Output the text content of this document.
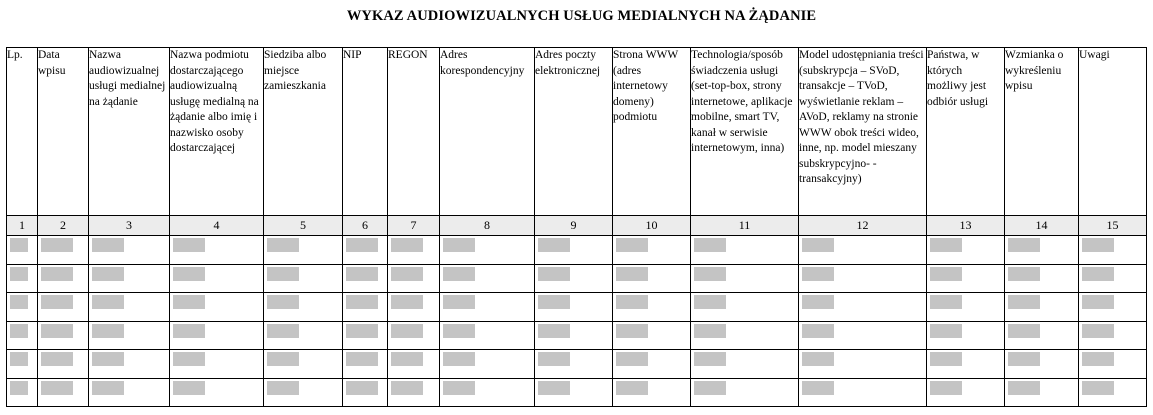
WYKAZ AUDIOWIZUALNYCH USŁUG MEDIALNYCH NA ŻĄDANIE
Lp.	Data wpisu	Nazwa audiowizualnej usługi medialnej na żądanie	Nazwa podmiotu dostarczającego audiowizualną usługę medialną na żądanie albo imię i nazwisko osoby dostarczającej	Siedziba albo miejsce zamieszkania	NIP	REGON	Adres korespondencyjny	Adres poczty elektronicznej	Strona WWW (adres internetowy domeny) podmiotu	Technologia/sposób świadczenia usługi (set-top-box, strony internetowe, aplikacje mobilne, smart TV, kanał w serwisie internetowym, inna)	Model udostępniania treści (subskrypcja – SVoD, transakcje – TVoD, wyświetlanie reklam – AVoD, reklamy na stronie WWW obok treści wideo, inne, np. model mieszany subskrypcyjno- -transakcyjny)	Państwa, w których możliwy jest odbiór usługi	Wzmianka o wykreśleniu wpisu	Uwagi
1	2	3	4	5	6	7	8	9	10	11	12	13	14	15
